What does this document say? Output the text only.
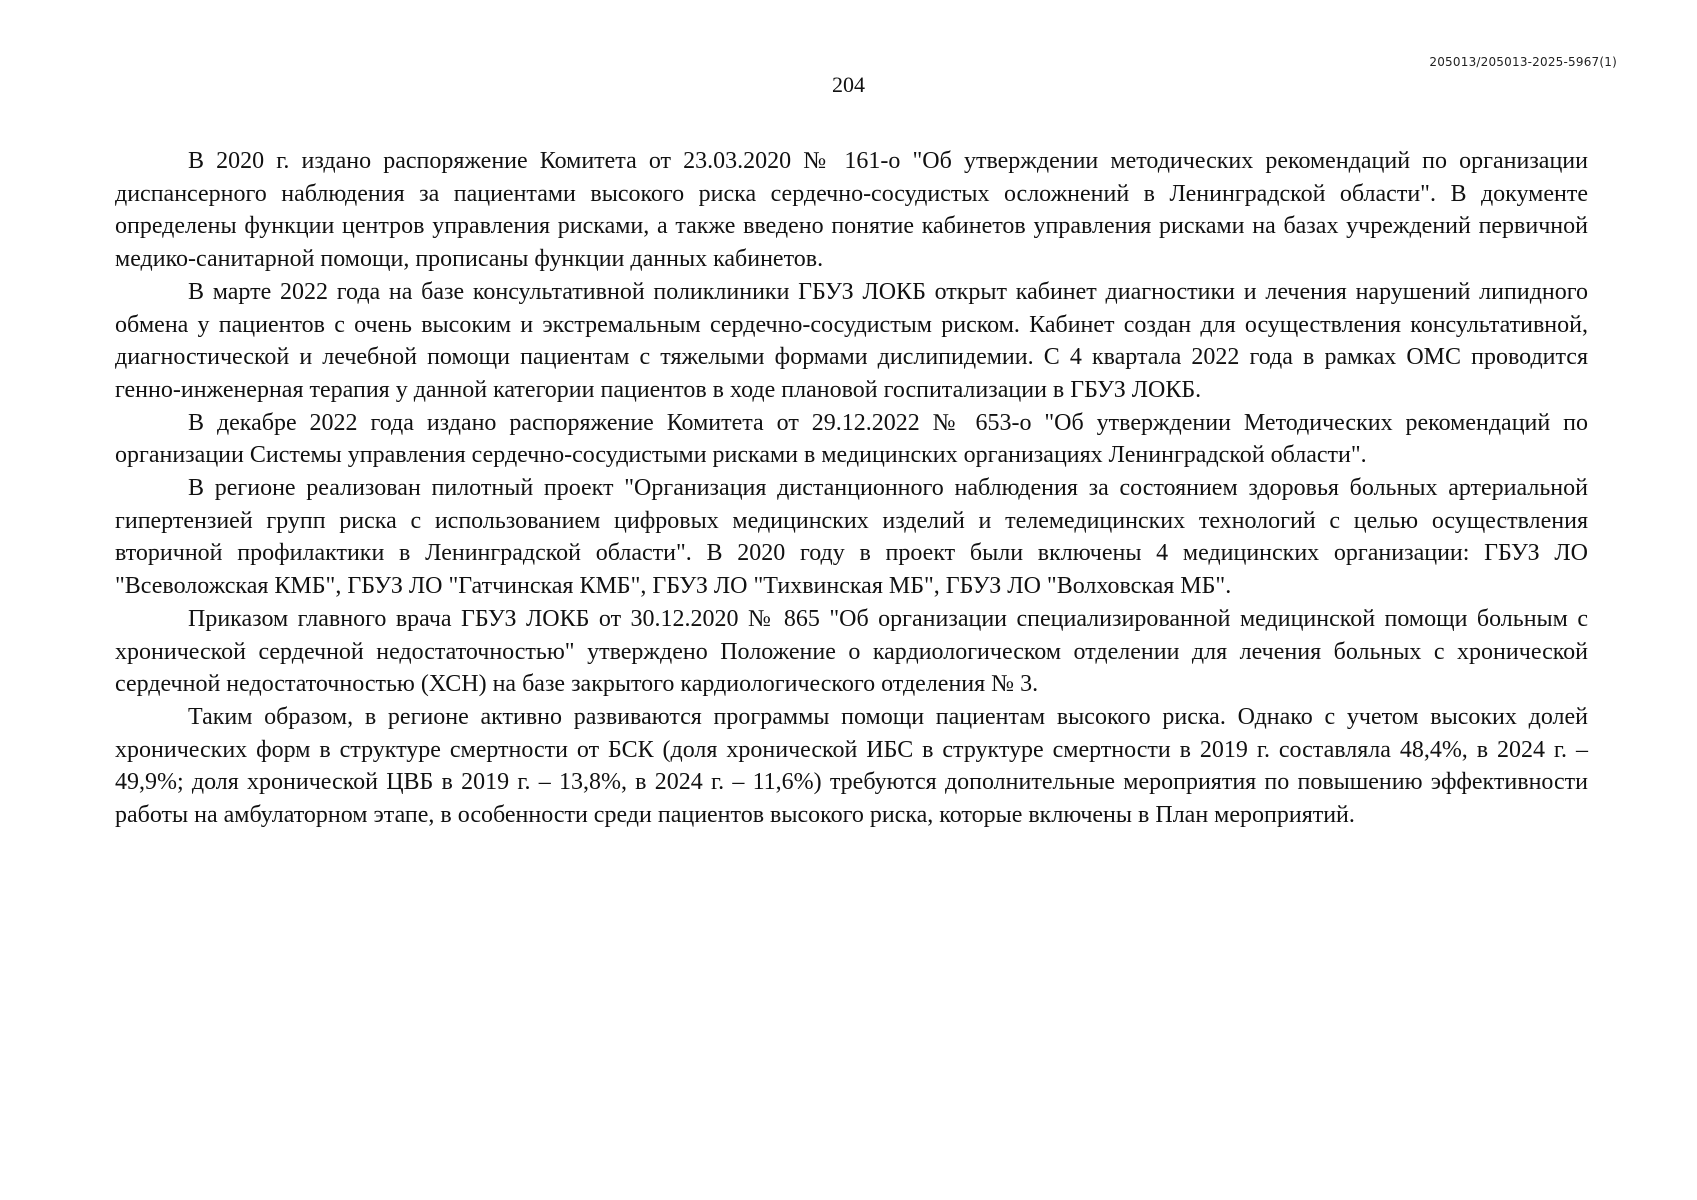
205013/205013-2025-5967(1)
204

В 2020 г. издано распоряжение Комитета от 23.03.2020 № 161-о "Об утверждении методических рекомендаций по организации диспансерного наблюдения за пациентами высокого риска сердечно-сосудистых осложнений в Ленинградской области". В документе определены функции центров управления рисками, а также введено понятие кабинетов управления рисками на базах учреждений первичной медико-санитарной помощи, прописаны функции данных кабинетов.

В марте 2022 года на базе консультативной поликлиники ГБУЗ ЛОКБ открыт кабинет диагностики и лечения нарушений липидного обмена у пациентов с очень высоким и экстремальным сердечно-сосудистым риском. Кабинет создан для осуществления консультативной, диагностической и лечебной помощи пациентам с тяжелыми формами дислипидемии. С 4 квартала 2022 года в рамках ОМС проводится генно-инженерная терапия у данной категории пациентов в ходе плановой госпитализации в ГБУЗ ЛОКБ.

В декабре 2022 года издано распоряжение Комитета от 29.12.2022 № 653-о "Об утверждении Методических рекомендаций по организации Системы управления сердечно-сосудистыми рисками в медицинских организациях Ленинградской области".

В регионе реализован пилотный проект "Организация дистанционного наблюдения за состоянием здоровья больных артериальной гипертензией групп риска с использованием цифровых медицинских изделий и телемедицинских технологий с целью осуществления вторичной профилактики в Ленинградской области". В 2020 году в проект были включены 4 медицинских организации: ГБУЗ ЛО "Всеволожская КМБ", ГБУЗ ЛО "Гатчинская КМБ", ГБУЗ ЛО "Тихвинская МБ", ГБУЗ ЛО "Волховская МБ".

Приказом главного врача ГБУЗ ЛОКБ от 30.12.2020 № 865 "Об организации специализированной медицинской помощи больным с хронической сердечной недостаточностью" утверждено Положение о кардиологическом отделении для лечения больных с хронической сердечной недостаточностью (ХСН) на базе закрытого кардиологического отделения № 3.

Таким образом, в регионе активно развиваются программы помощи пациентам высокого риска. Однако с учетом высоких долей хронических форм в структуре смертности от БСК (доля хронической ИБС в структуре смертности в 2019 г. составляла 48,4%, в 2024 г. – 49,9%; доля хронической ЦВБ в 2019 г. – 13,8%, в 2024 г. – 11,6%) требуются дополнительные мероприятия по повышению эффективности работы на амбулаторном этапе, в особенности среди пациентов высокого риска, которые включены в План мероприятий.
